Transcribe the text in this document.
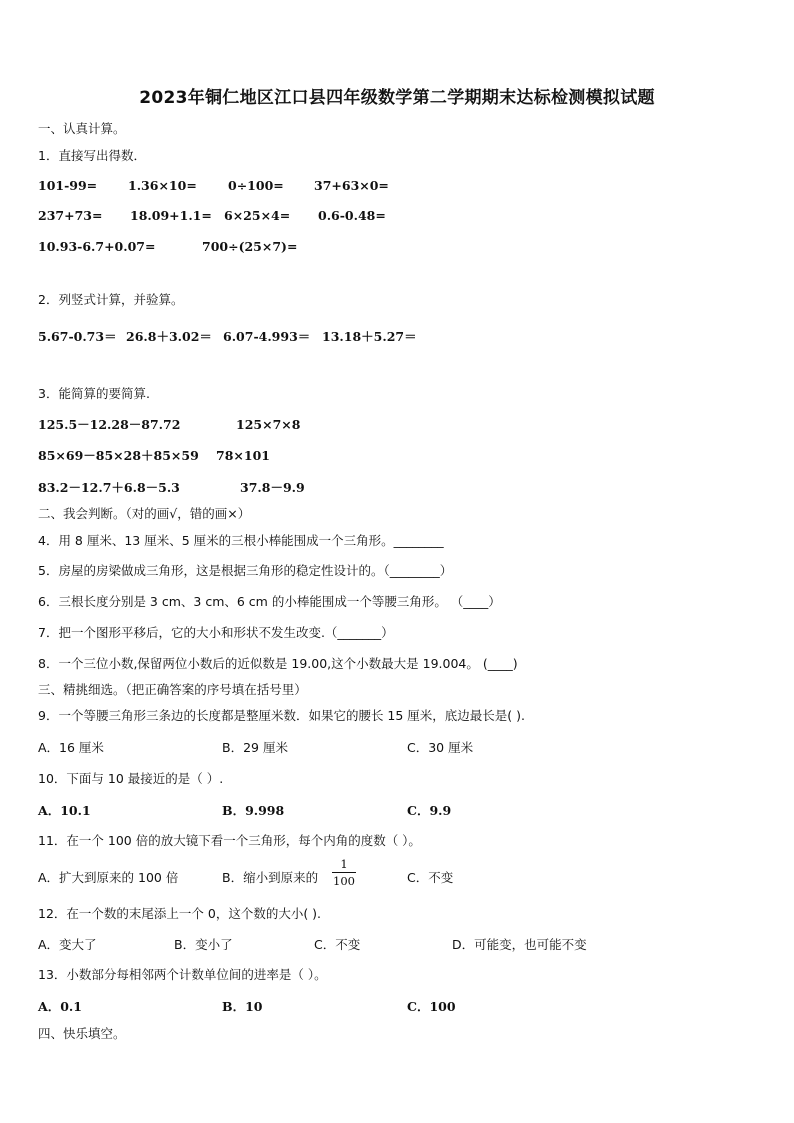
2023年铜仁地区江口县四年级数学第二学期期末达标检测模拟试题
一、认真计算。
1．直接写出得数．
101-99= 1.36×10= 0÷100= 37+63×0=
237+73= 18.09+1.1= 6×25×4= 0.6-0.48=
10.93-6.7+0.07=	700÷(25×7)=
2．列竖式计算，并验算。
5.67-0.73＝ 26.8＋3.02＝ 6.07-4.993＝ 13.18＋5.27＝
3．能简算的要简算.
125.5－12.28－87.72	125×7×8
85×69－85×28＋85×59 78×101
83.2－12.7＋6.8－5.3	37.8－9.9
二、我会判断。（对的画√，错的画×）
4．用 8 厘米、13 厘米、5 厘米的三根小棒能围成一个三角形。________
5．房屋的房梁做成三角形，这是根据三角形的稳定性设计的。（________）
6．三根长度分别是 3 cm、3 cm、6 cm 的小棒能围成一个等腰三角形。 （____）
7．把一个图形平移后，它的大小和形状不发生改变.（_______）
8．一个三位小数,保留两位小数后的近似数是 19.00,这个小数最大是 19.004。 (____)
三、精挑细选。（把正确答案的序号填在括号里）
9．一个等腰三角形三条边的长度都是整厘米数．如果它的腰长 15 厘米，底边最长是( ).
A．16 厘米	B．29 厘米	C．30 厘米
10．下面与 10 最接近的是（ ）.
A．10.1	B．9.998	C．9.9
11．在一个 100 倍的放大镜下看一个三角形，每个内角的度数（ ）。
A．扩大到原来的 100 倍	B．缩小到原来的
1
100	C．不变
12．在一个数的末尾添上一个 0，这个数的大小( ).
A．变大了	B．变小了	C．不变	D．可能变，也可能不变
13．小数部分每相邻两个计数单位间的进率是（ ）。
A．0.1	B．10	C．100
四、快乐填空。
